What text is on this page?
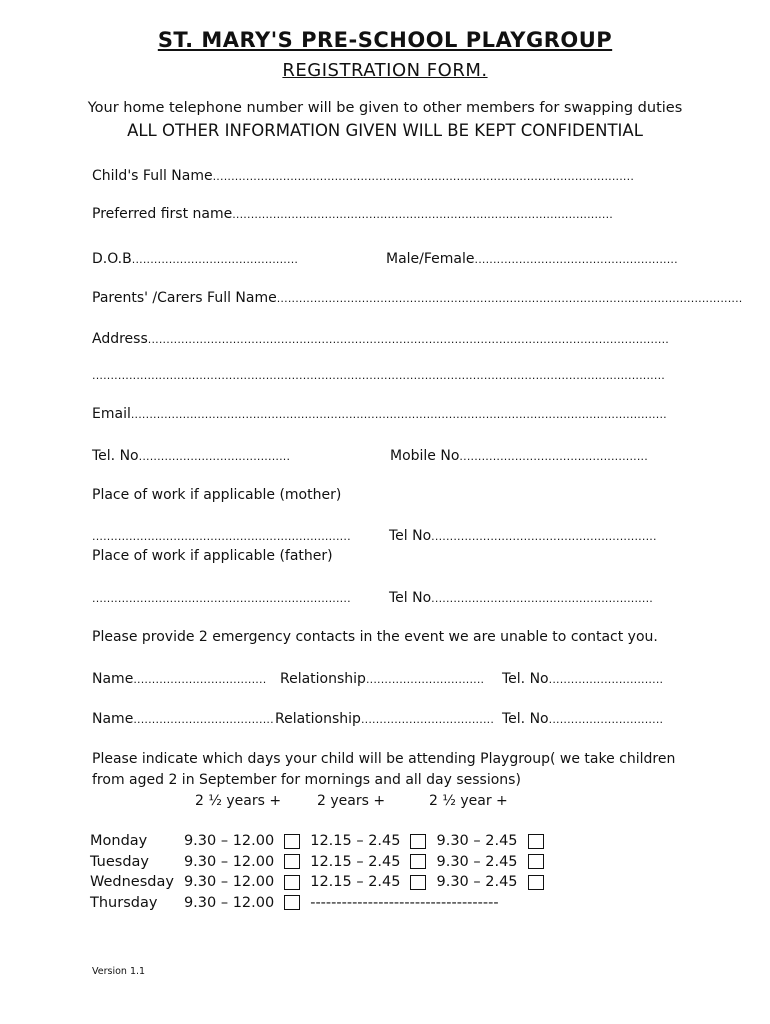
ST. MARY'S PRE-SCHOOL PLAYGROUP
REGISTRATION FORM.
Your home telephone number will be given to other members for swapping duties
ALL OTHER INFORMATION GIVEN WILL BE KEPT CONFIDENTIAL
Child's Full Name..................................................................................................................
Preferred first name.......................................................................................................
D.O.B.............................................	Male/Female.......................................................
Parents' /Carers Full Name..............................................................................................................................
Address.............................................................................................................................................
...........................................................................................................................................................
Email.................................................................................................................................................
Tel. No.........................................	Mobile No...................................................
Place of work if applicable (mother)
......................................................................	Tel No.............................................................
Place of work if applicable (father)
......................................................................	Tel No............................................................
Please provide 2 emergency contacts in the event we are unable to contact you.
Name.................................... Relationship................................ Tel. No...............................
Name...................................... Relationship.................................... Tel. No...............................
Please indicate which days your child will be attending Playgroup( we take children
from aged 2 in September for mornings and all day sessions)
2 ½ years +	2 years +	2 ½ year +
Monday	9.30 – 12.00		12.15 – 2.45		9.30 – 2.45	
Tuesday	9.30 – 12.00		12.15 – 2.45		9.30 – 2.45	
Wednesday	9.30 – 12.00		12.15 – 2.45		9.30 – 2.45	
Thursday	9.30 – 12.00		------------------------------------			
Version 1.1
